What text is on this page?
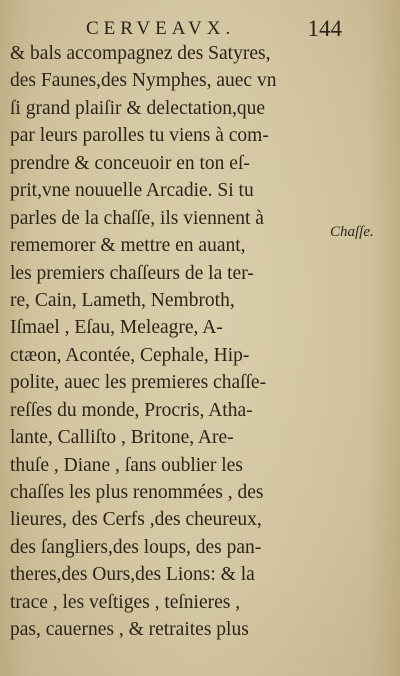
CERVEAVX.	144
& bals accompagnez des Satyres,
des Faunes,des Nymphes, auec vn
ſi grand plaiſir & delectation,que
par leurs parolles tu viens à com-
prendre & conceuoir en ton eſ-
prit,vne nouuelle Arcadie. Si tu
parles de la chaſſe, ils viennent à
rememorer & mettre en auant,
les premiers chaſſeurs de la ter-
re, Cain, Lameth, Nembroth,
Iſmael , Eſau, Meleagre, A-
ctæon, Acontée, Cephale, Hip-
polite, auec les premieres chaſſe-
reſſes du monde, Procris, Atha-
lante, Calliſto , Britone, Are-
thuſe , Diane , ſans oublier les
chaſſes les plus renommées , des
lieures, des Cerfs ,des cheureux,
des ſangliers,des loups, des pan-
theres,des Ours,des Lions: & la
trace , les veſtiges , teſnieres ,
pas, cauernes , & retraites plus
Chaſſe.
